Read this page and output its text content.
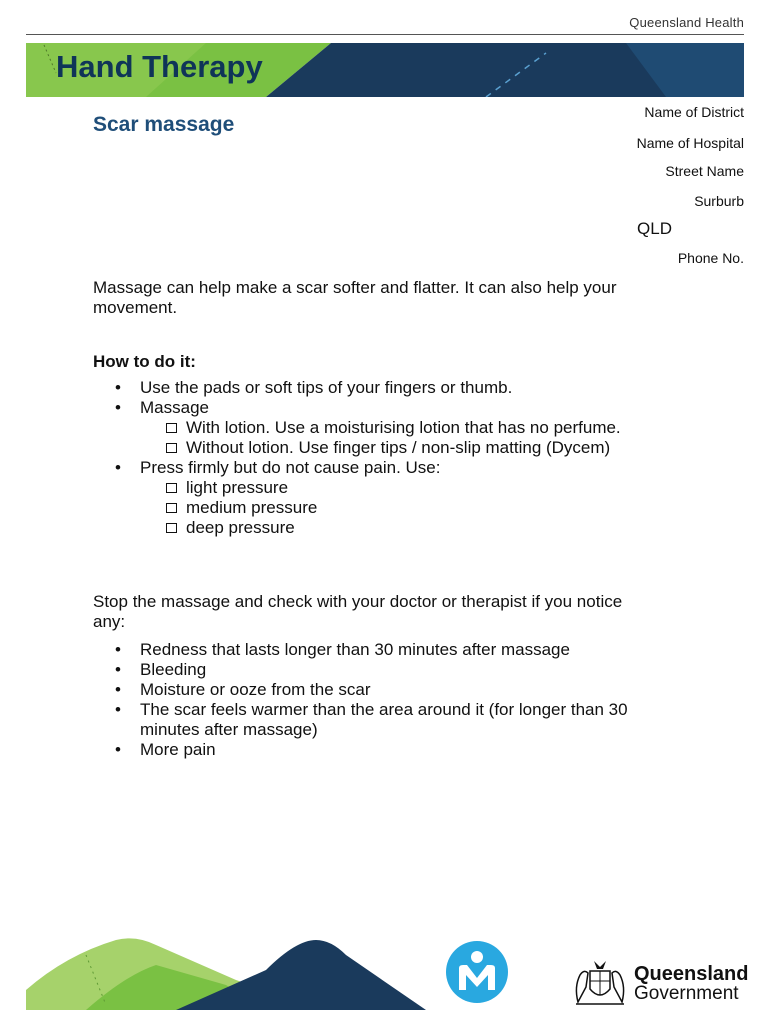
Queensland Health
Hand Therapy
Scar massage
Name of District
Name of Hospital
Street Name
Surburb
QLD
Phone No.
Massage can help make a scar softer and flatter. It can also help your
movement.
How to do it:
• Use the pads or soft tips of your fingers or thumb.
• Massage
With lotion. Use a moisturising lotion that has no perfume.
Without lotion. Use finger tips / non-slip matting (Dycem)
• Press firmly but do not cause pain. Use:
light pressure
medium pressure
deep pressure
Stop the massage and check with your doctor or therapist if you notice
any:
• Redness that lasts longer than 30 minutes after massage
• Bleeding
• Moisture or ooze from the scar
• The scar feels warmer than the area around it (for longer than 30
minutes after massage)
• More pain
Queensland
Government
